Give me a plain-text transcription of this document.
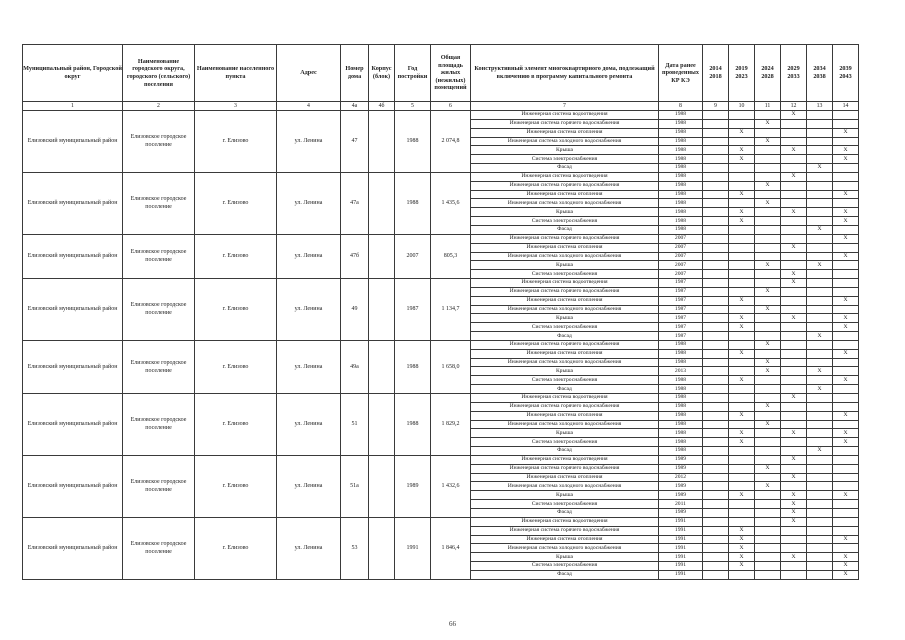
Муниципальный район, Городской округ	Наименование городского округа, городского (сельского) поселения	Наименование населенного пункта	Адрес	Номер дома	Корпус (блок)	Год постройки	Общая площадь жилых (нежилых) помещений	Конструктивный элемент многоквартирного дома, подлежащий включению в программу капитального ремонта	Дата ранее проведенных КР КЭ	2014 2018	2019 2023	2024 2028	2029 2033	2034 2038	2039 2043
1	2	3	4	4а	4б	5	6	7	8	9	10	11	12	13	14
Елизовский муниципальный район	Елизовское городское поселение	г. Елизово	ул. Ленина	47		1988	2 074,8	Инженерная система водоотведения	1988				X		
								Инженерная система горячего водоснабжения	1988			X			
								Инженерная система отопления	1988		X				X
								Инженерная система холодного водоснабжения	1988			X			
								Крыша	1988		X		X		X
								Система электроснабжения	1988		X				X
								Фасад	1988					X	
Елизовский муниципальный район	Елизовское городское поселение	г. Елизово	ул. Ленина	47а		1988	1 435,6	Инженерная система водоотведения	1988				X		
								Инженерная система горячего водоснабжения	1988			X			
								Инженерная система отопления	1988		X				X
								Инженерная система холодного водоснабжения	1988			X			
								Крыша	1988		X		X		X
								Система электроснабжения	1988		X				X
								Фасад	1988					X	
Елизовский муниципальный район	Елизовское городское поселение	г. Елизово	ул. Ленина	47б		2007	805,3	Инженерная система горячего водоснабжения	2007						X
								Инженерная система отопления	2007				X		
								Инженерная система холодного водоснабжения	2007						X
								Крыша	2007			X		X	
								Система электроснабжения	2007				X		
Елизовский муниципальный район	Елизовское городское поселение	г. Елизово	ул. Ленина	49		1987	1 134,7	Инженерная система водоотведения	1987				X		
								Инженерная система горячего водоснабжения	1987			X			
								Инженерная система отопления	1987		X				X
								Инженерная система холодного водоснабжения	1987			X			
								Крыша	1987		X		X		X
								Система электроснабжения	1987		X				X
								Фасад	1987					X	
Елизовский муниципальный район	Елизовское городское поселение	г. Елизово	ул. Ленина	49а		1988	1 658,0	Инженерная система горячего водоснабжения	1988			X			
								Инженерная система отопления	1988		X				X
								Инженерная система холодного водоснабжения	1988			X			
								Крыша	2013			X		X	
								Система электроснабжения	1988		X				X
								Фасад	1988					X	
Елизовский муниципальный район	Елизовское городское поселение	г. Елизово	ул. Ленина	51		1988	1 829,2	Инженерная система водоотведения	1988				X		
								Инженерная система горячего водоснабжения	1988			X			
								Инженерная система отопления	1988		X				X
								Инженерная система холодного водоснабжения	1988			X			
								Крыша	1988		X		X		X
								Система электроснабжения	1988		X				X
								Фасад	1988					X	
Елизовский муниципальный район	Елизовское городское поселение	г. Елизово	ул. Ленина	51а		1989	1 432,6	Инженерная система водоотведения	1989				X		
								Инженерная система горячего водоснабжения	1989			X			
								Инженерная система отопления	2012				X		
								Инженерная система холодного водоснабжения	1989			X			
								Крыша	1989		X		X		X
								Система электроснабжения	2011				X		
								Фасад	1989				X		
Елизовский муниципальный район	Елизовское городское поселение	г. Елизово	ул. Ленина	53		1991	1 846,4	Инженерная система водоотведения	1991				X		
								Инженерная система горячего водоснабжения	1991		X				
								Инженерная система отопления	1991		X				X
								Инженерная система холодного водоснабжения	1991		X				
								Крыша	1991		X		X		X
								Система электроснабжения	1991		X				X
								Фасад	1991						X
66
